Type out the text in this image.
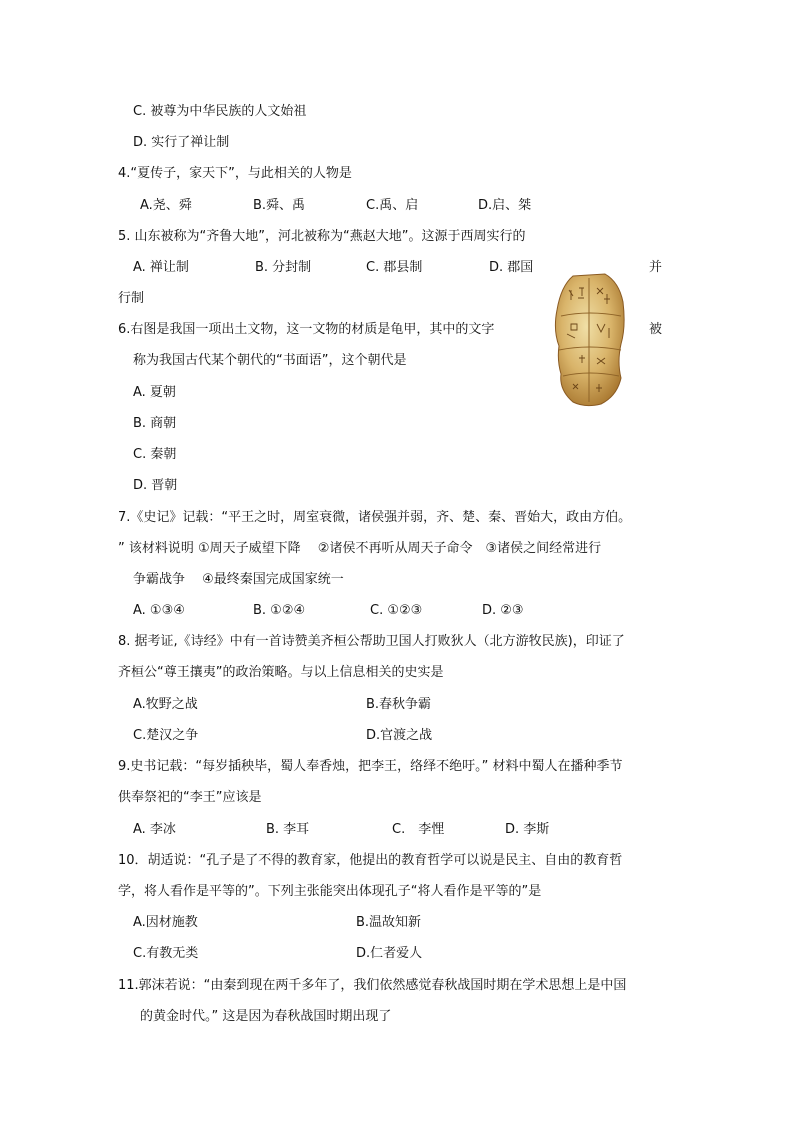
C. 被尊为中华民族的人文始祖
D. 实行了禅让制
4.“夏传子，家天下”，与此相关的人物是
A.尧、舜	B.舜、禹	C.禹、启	D.启、桀
5. 山东被称为“齐鲁大地”，河北被称为“燕赵大地”。这源于西周实行的
A. 禅让制	B. 分封制	C. 郡县制	D. 郡国	并
行制
6.右图是我国一项出土文物，这一文物的材质是龟甲，其中的文字	被
称为我国古代某个朝代的“书面语”，这个朝代是
A. 夏朝
B. 商朝
C. 秦朝
D. 晋朝
7.《史记》记载：“平王之时，周室衰微，诸侯强并弱，齐、楚、秦、晋始大，政由方伯。
” 该材料说明 ①周天子威望下降　 ②诸侯不再听从周天子命令　③诸侯之间经常进行
争霸战争　 ④最终秦国完成国家统一
A. ①③④	B. ①②④	C. ①②③	D. ②③
8. 据考证,《诗经》中有一首诗赞美齐桓公帮助卫国人打败狄人（北方游牧民族)，印证了
齐桓公“尊王攘夷”的政治策略。与以上信息相关的史实是
A.牧野之战	B.春秋争霸
C.楚汉之争	D.官渡之战
9.史书记载：“每岁插秧毕，蜀人奉香烛，把李王，络绎不绝吁。” 材料中蜀人在播种季节
供奉祭祀的“李王”应该是
A. 李冰	B. 李耳	C.　李悝	D. 李斯
10．胡适说：“孔子是了不得的教育家，他提出的教育哲学可以说是民主、自由的教育哲
学，将人看作是平等的”。下列主张能突出体现孔子“将人看作是平等的”是
A.因材施教	B.温故知新
C.有教无类	D.仁者爱人
11.郭沫若说：“由秦到现在两千多年了，我们依然感觉春秋战国时期在学术思想上是中国
的黄金时代。” 这是因为春秋战国时期出现了
